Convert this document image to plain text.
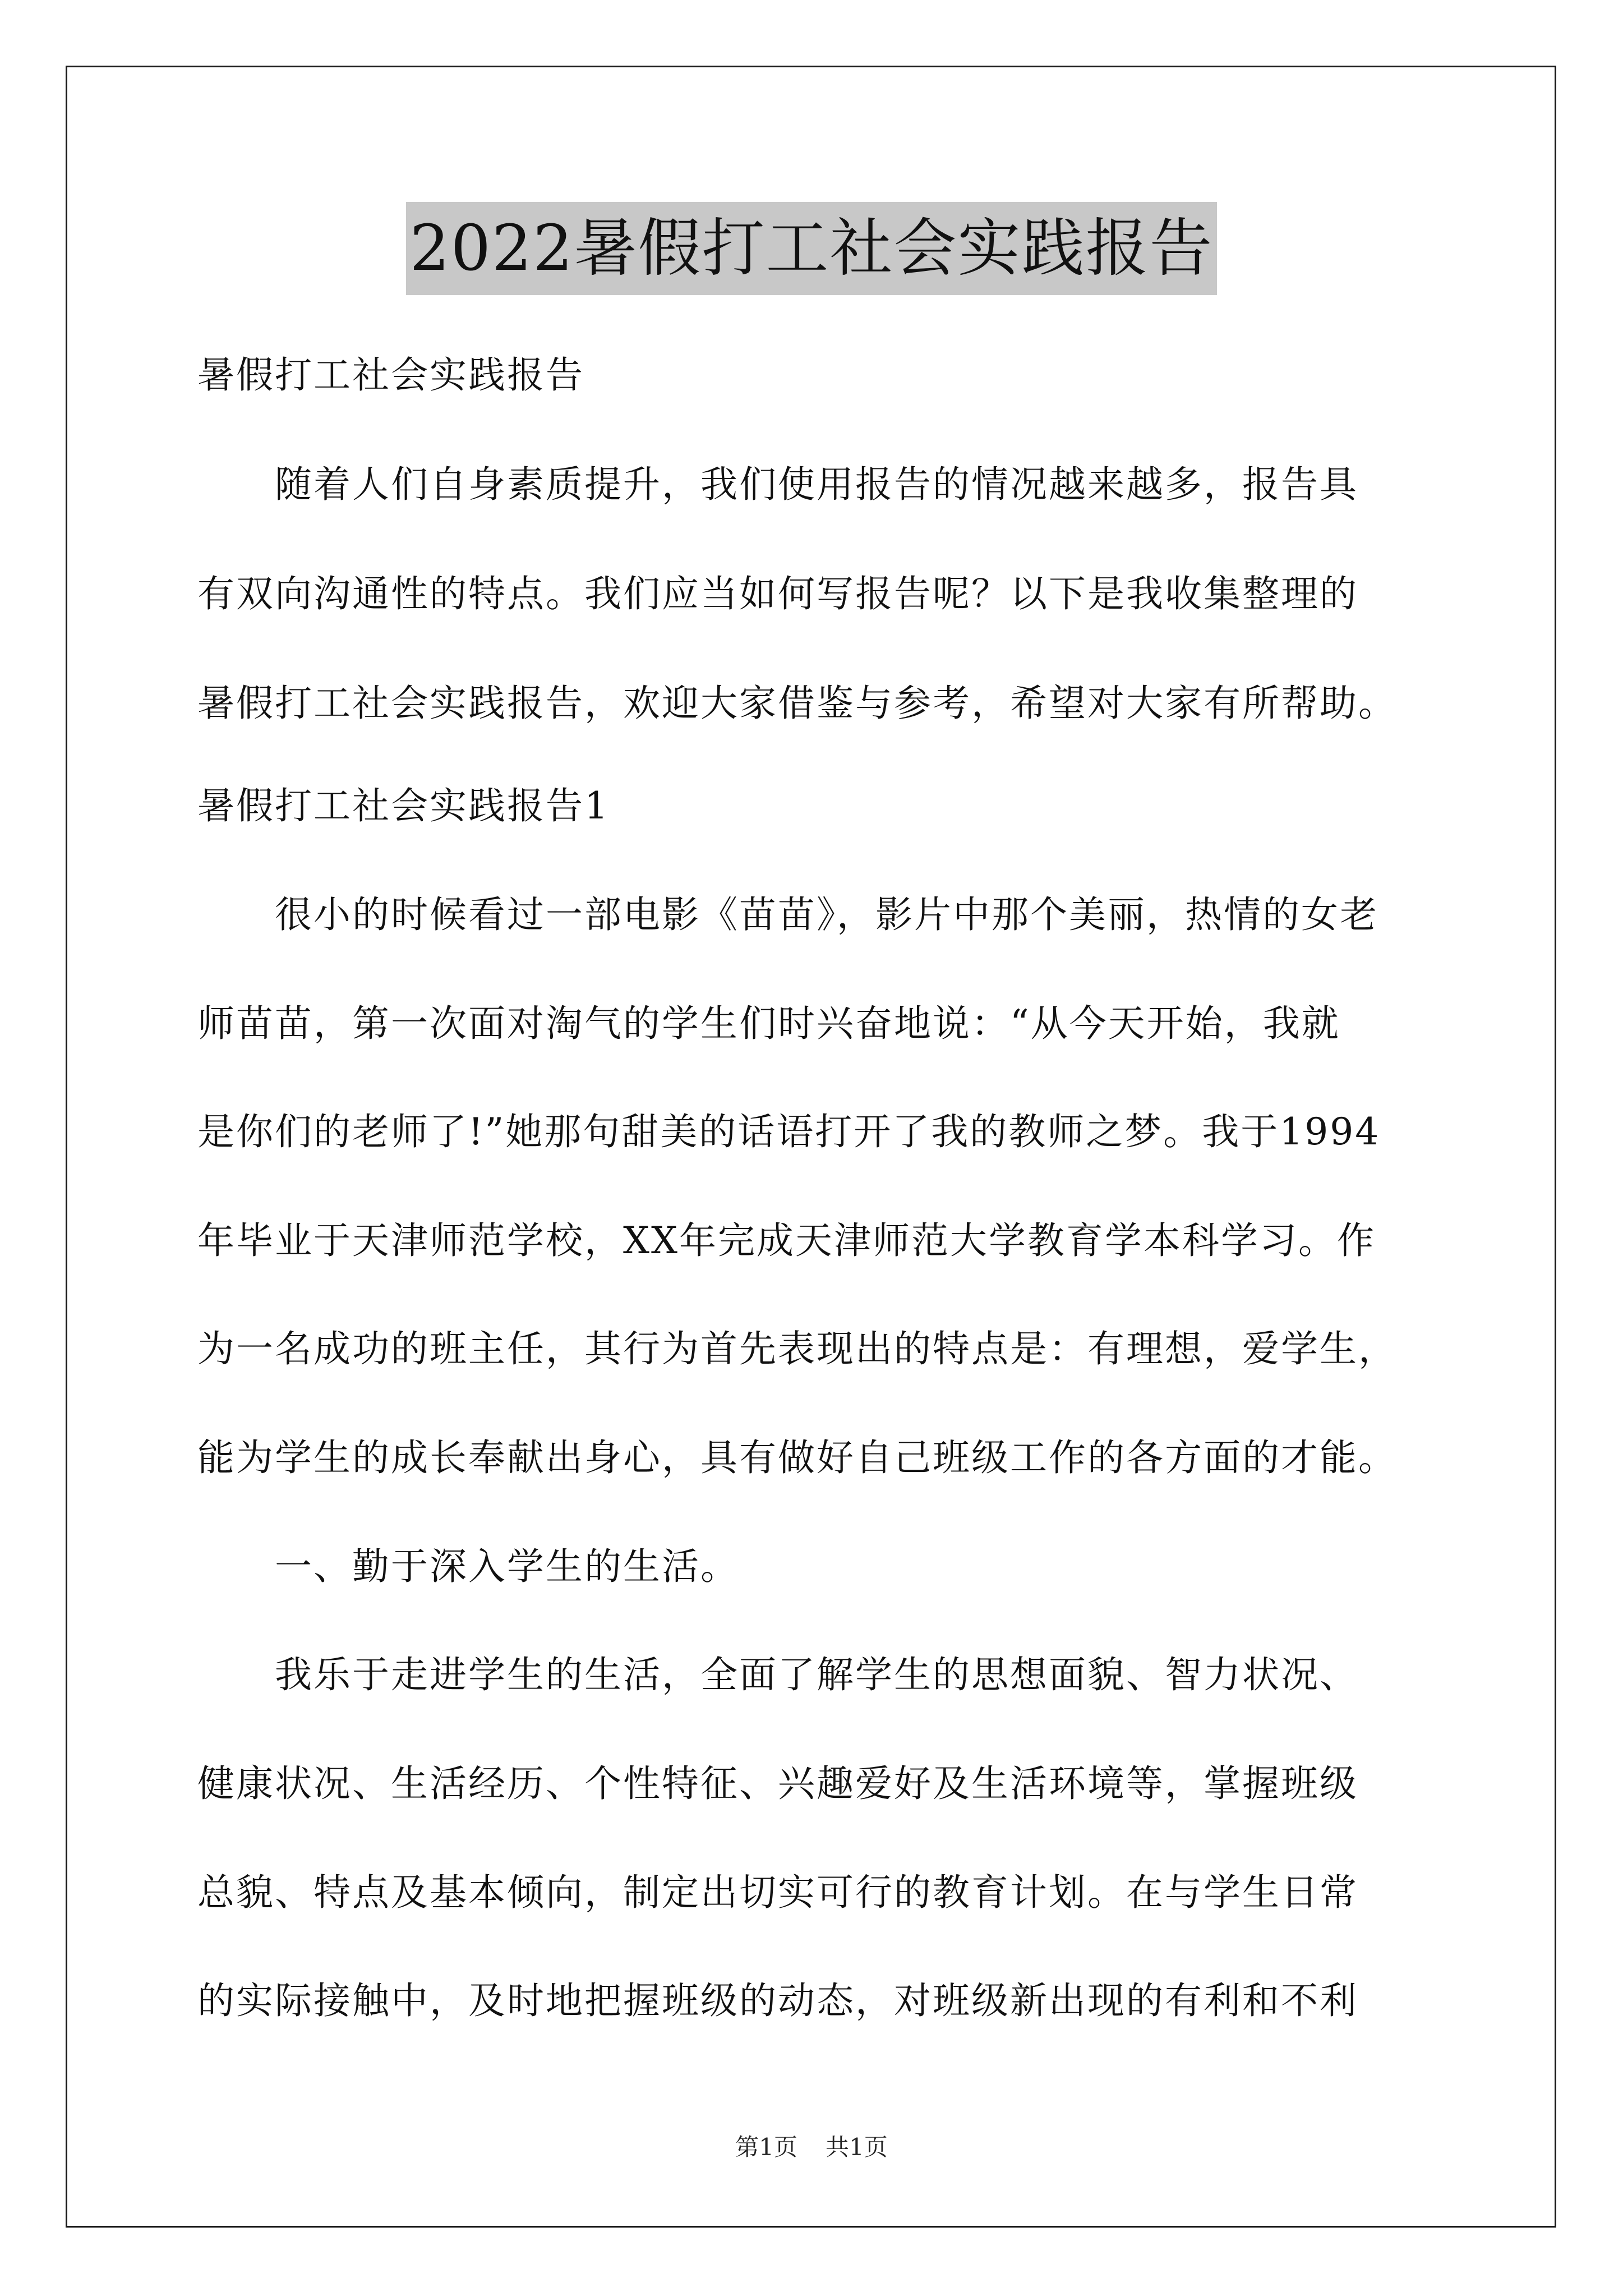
2022暑假打工社会实践报告
暑假打工社会实践报告
　　随着人们自身素质提升，我们使用报告的情况越来越多，报告具
有双向沟通性的特点。我们应当如何写报告呢？以下是我收集整理的
暑假打工社会实践报告，欢迎大家借鉴与参考，希望对大家有所帮助。
暑假打工社会实践报告1
　　很小的时候看过一部电影《苗苗》，影片中那个美丽，热情的女老
师苗苗，第一次面对淘气的学生们时兴奋地说：“从今天开始，我就
是你们的老师了!”她那句甜美的话语打开了我的教师之梦。我于1994
年毕业于天津师范学校，XX年完成天津师范大学教育学本科学习。作
为一名成功的班主任，其行为首先表现出的特点是：有理想，爱学生，
能为学生的成长奉献出身心，具有做好自己班级工作的各方面的才能。
　　一、勤于深入学生的生活。
　　我乐于走进学生的生活，全面了解学生的思想面貌、智力状况、
健康状况、生活经历、个性特征、兴趣爱好及生活环境等，掌握班级
总貌、特点及基本倾向，制定出切实可行的教育计划。在与学生日常
的实际接触中，及时地把握班级的动态，对班级新出现的有利和不利
第1页 共1页
